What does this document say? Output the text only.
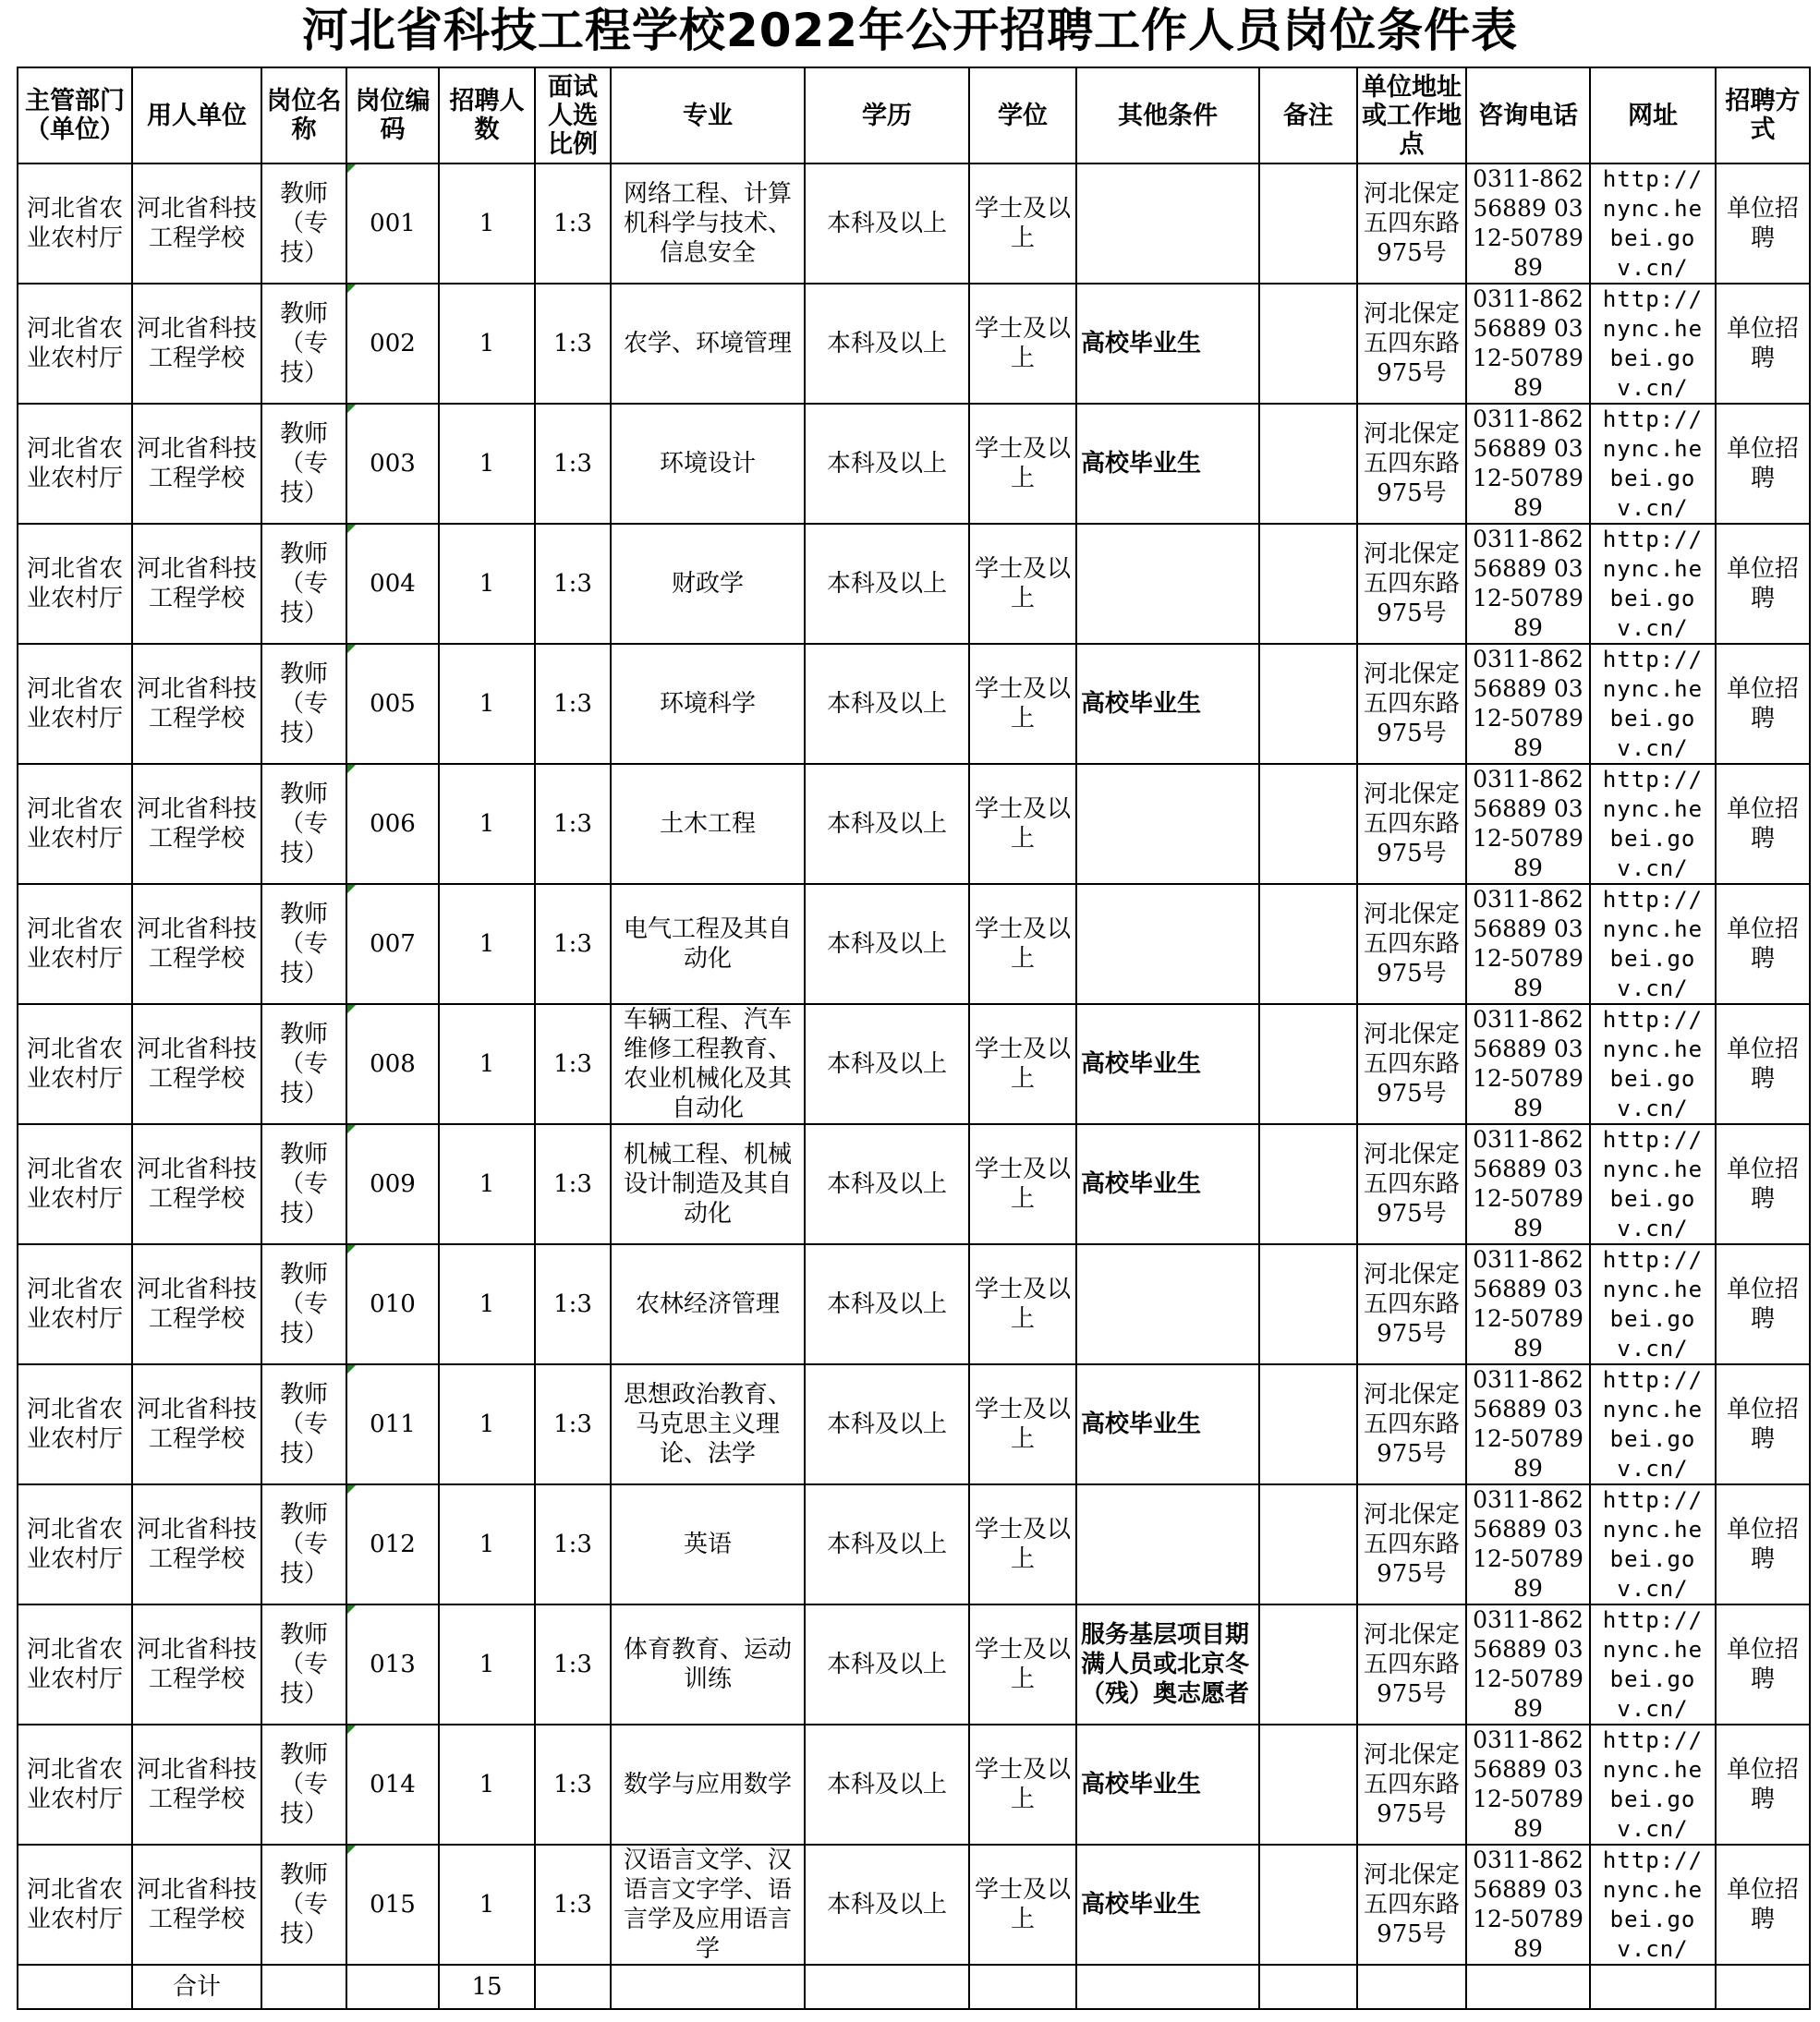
河北省科技工程学校2022年公开招聘工作人员岗位条件表
主管部门（单位）	用人单位	岗位名称	岗位编码	招聘人数	面试人选比例	专业	学历	学位	其他条件	备注	单位地址或工作地点	咨询电话	网址	招聘方式
河北省农业农村厅	河北省科技工程学校	教师（专技）	001	1	1:3	网络工程、计算机科学与技术、信息安全	本科及以上	学士及以上			河北保定五四东路975号	0311-86256889 0312-5078989	http://nync.hebei.gov.cn/	单位招聘
河北省农业农村厅	河北省科技工程学校	教师（专技）	002	1	1:3	农学、环境管理	本科及以上	学士及以上	高校毕业生		河北保定五四东路975号	0311-86256889 0312-5078989	http://nync.hebei.gov.cn/	单位招聘
河北省农业农村厅	河北省科技工程学校	教师（专技）	003	1	1:3	环境设计	本科及以上	学士及以上	高校毕业生		河北保定五四东路975号	0311-86256889 0312-5078989	http://nync.hebei.gov.cn/	单位招聘
河北省农业农村厅	河北省科技工程学校	教师（专技）	004	1	1:3	财政学	本科及以上	学士及以上			河北保定五四东路975号	0311-86256889 0312-5078989	http://nync.hebei.gov.cn/	单位招聘
河北省农业农村厅	河北省科技工程学校	教师（专技）	005	1	1:3	环境科学	本科及以上	学士及以上	高校毕业生		河北保定五四东路975号	0311-86256889 0312-5078989	http://nync.hebei.gov.cn/	单位招聘
河北省农业农村厅	河北省科技工程学校	教师（专技）	006	1	1:3	土木工程	本科及以上	学士及以上			河北保定五四东路975号	0311-86256889 0312-5078989	http://nync.hebei.gov.cn/	单位招聘
河北省农业农村厅	河北省科技工程学校	教师（专技）	007	1	1:3	电气工程及其自动化	本科及以上	学士及以上			河北保定五四东路975号	0311-86256889 0312-5078989	http://nync.hebei.gov.cn/	单位招聘
河北省农业农村厅	河北省科技工程学校	教师（专技）	008	1	1:3	车辆工程、汽车维修工程教育、农业机械化及其自动化	本科及以上	学士及以上	高校毕业生		河北保定五四东路975号	0311-86256889 0312-5078989	http://nync.hebei.gov.cn/	单位招聘
河北省农业农村厅	河北省科技工程学校	教师（专技）	009	1	1:3	机械工程、机械设计制造及其自动化	本科及以上	学士及以上	高校毕业生		河北保定五四东路975号	0311-86256889 0312-5078989	http://nync.hebei.gov.cn/	单位招聘
河北省农业农村厅	河北省科技工程学校	教师（专技）	010	1	1:3	农林经济管理	本科及以上	学士及以上			河北保定五四东路975号	0311-86256889 0312-5078989	http://nync.hebei.gov.cn/	单位招聘
河北省农业农村厅	河北省科技工程学校	教师（专技）	011	1	1:3	思想政治教育、马克思主义理论、法学	本科及以上	学士及以上	高校毕业生		河北保定五四东路975号	0311-86256889 0312-5078989	http://nync.hebei.gov.cn/	单位招聘
河北省农业农村厅	河北省科技工程学校	教师（专技）	012	1	1:3	英语	本科及以上	学士及以上			河北保定五四东路975号	0311-86256889 0312-5078989	http://nync.hebei.gov.cn/	单位招聘
河北省农业农村厅	河北省科技工程学校	教师（专技）	013	1	1:3	体育教育、运动训练	本科及以上	学士及以上	服务基层项目期满人员或北京冬（残）奥志愿者		河北保定五四东路975号	0311-86256889 0312-5078989	http://nync.hebei.gov.cn/	单位招聘
河北省农业农村厅	河北省科技工程学校	教师（专技）	014	1	1:3	数学与应用数学	本科及以上	学士及以上	高校毕业生		河北保定五四东路975号	0311-86256889 0312-5078989	http://nync.hebei.gov.cn/	单位招聘
河北省农业农村厅	河北省科技工程学校	教师（专技）	015	1	1:3	汉语言文学、汉语言文字学、语言学及应用语言学	本科及以上	学士及以上	高校毕业生		河北保定五四东路975号	0311-86256889 0312-5078989	http://nync.hebei.gov.cn/	单位招聘
	合计			15										
